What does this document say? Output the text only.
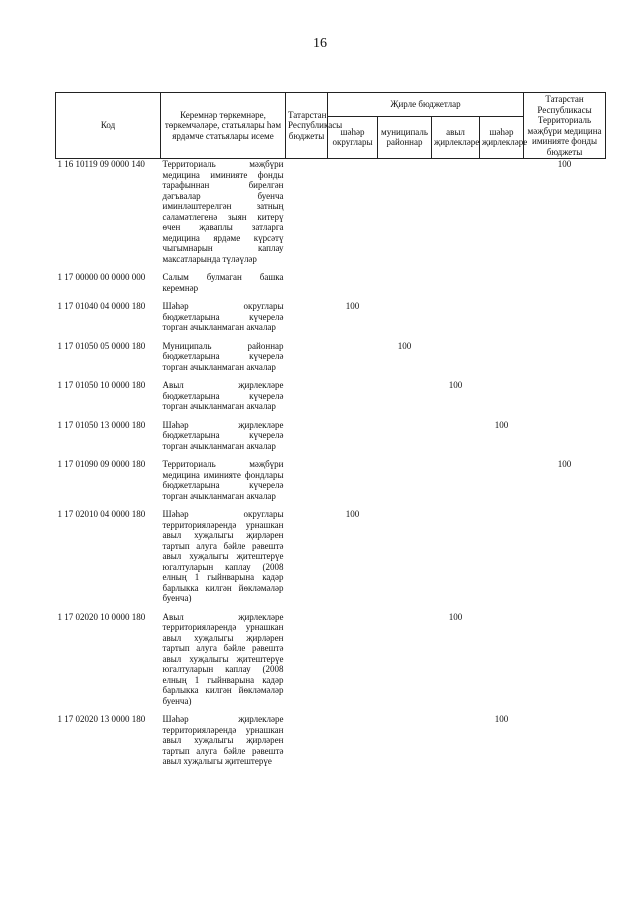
16
Код	Керемнәр төркемнәре, төркемчәләре, статьялары һәм ярдәмче статьялары исеме	Татарстан Республикасы бюджеты	Җирле бюджетлар				Татарстан Республикасы Территориаль мәҗбүри медицина иминияте фонды бюджеты
			шәһәр округлары	муниципаль районнар	авыл җирлекләре	шәһәр җирлекләре	
1 16 10119 09 0000 140	Территориаль мәҗбүри медицина иминияте фонды тарафыннан бирелгән дәгъвалар буенча иминләштерелгән затның сәламәтлегенә зыян китерү өчен җаваплы затларга медицина ярдәме күрсәтү чыгымнарын каплау максатларында түләүләр						100

1 17 00000 00 0000 000	Салым булмаган башка керемнәр						

1 17 01040 04 0000 180	Шәһәр округлары бюджетларына күчерелә торган ачыкланмаган акчалар		100				

1 17 01050 05 0000 180	Муниципаль районнар бюджетларына күчерелә торган ачыкланмаган акчалар			100			

1 17 01050 10 0000 180	Авыл җирлекләре бюджетларына күчерелә торган ачыкланмаган акчалар				100		

1 17 01050 13 0000 180	Шәһәр җирлекләре бюджетларына күчерелә торган ачыкланмаган акчалар					100	

1 17 01090 09 0000 180	Территориаль мәҗбүри медицина иминияте фондлары бюджетларына күчерелә торган ачыкланмаган акчалар						100

1 17 02010 04 0000 180	Шәһәр округлары территорияләрендә урнашкан авыл хуҗалыгы җирләрен тартып алуга бәйле рәвештә авыл хуҗалыгы җитештерүе югалтуларын каплау (2008 елның 1 гыйнварына кадәр барлыкка килгән йөкләмәләр буенча)		100				

1 17 02020 10 0000 180	Авыл җирлекләре территорияләрендә урнашкан авыл хуҗалыгы җирләрен тартып алуга бәйле рәвештә авыл хуҗалыгы җитештерүе югалтуларын каплау (2008 елның 1 гыйнварына кадәр барлыкка килгән йөкләмәләр буенча)				100		

1 17 02020 13 0000 180	Шәһәр җирлекләре территорияләрендә урнашкан авыл хуҗалыгы җирләрен тартып алуга бәйле рәвештә авыл хуҗалыгы җитештерүе					100	
